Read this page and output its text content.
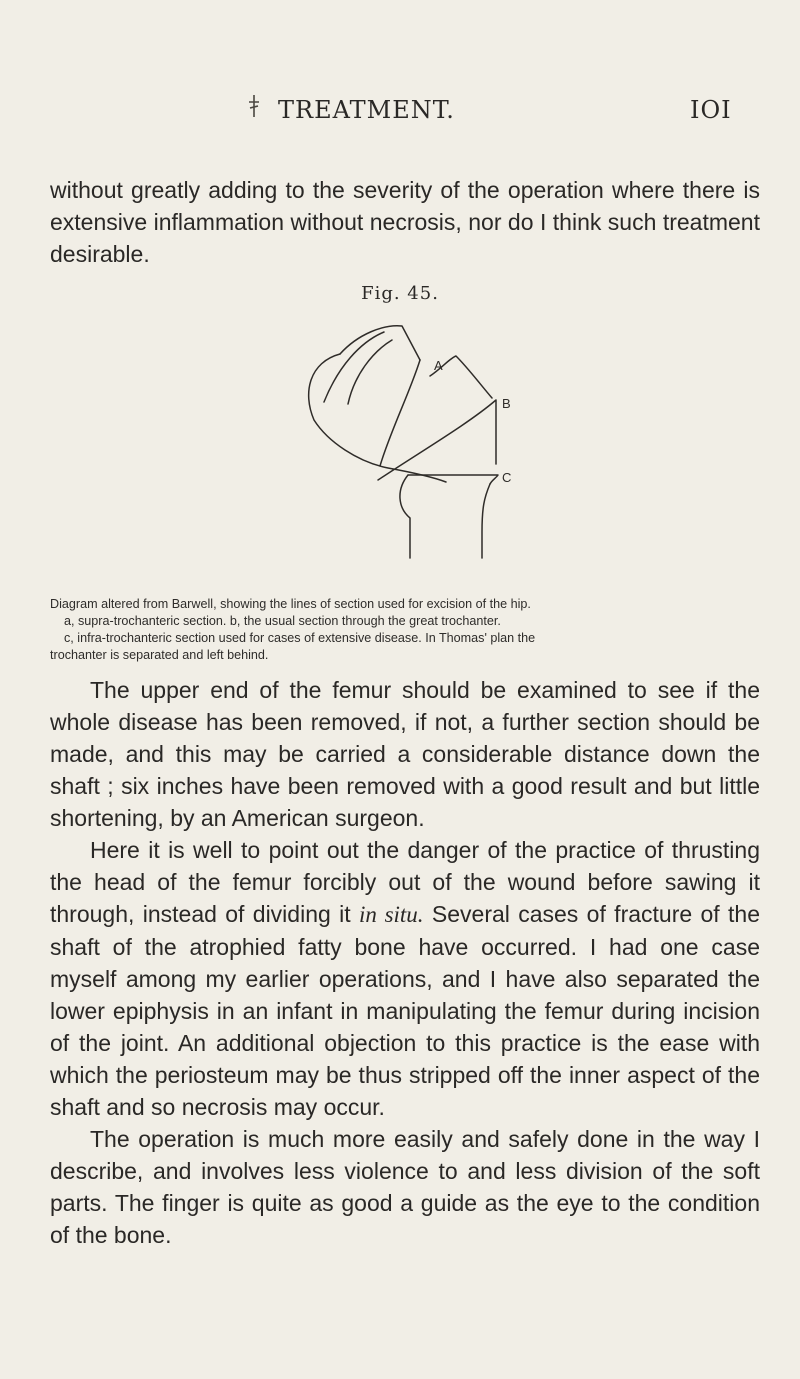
TREATMENT.	IOI

without greatly adding to the severity of the operation where there is extensive inflammation without necrosis, nor do I think such treatment desirable.

Fig. 45.
A
B
C

Diagram altered from Barwell, showing the lines of section used for excision of the hip.

a, supra-trochanteric section. b, the usual section through the great trochanter.

c, infra-trochanteric section used for cases of extensive disease. In Thomas' plan the

trochanter is separated and left behind.

The upper end of the femur should be examined to see if the whole disease has been removed, if not, a further section should be made, and this may be carried a considerable distance down the shaft ; six inches have been removed with a good result and but little shortening, by an American surgeon.

Here it is well to point out the danger of the practice of thrusting the head of the femur forcibly out of the wound before sawing it through, instead of dividing it in situ. Several cases of fracture of the shaft of the atrophied fatty bone have occurred. I had one case myself among my earlier operations, and I have also separated the lower epiphysis in an infant in manipulating the femur during incision of the joint. An additional objection to this practice is the ease with which the periosteum may be thus stripped off the inner aspect of the shaft and so necrosis may occur.

The operation is much more easily and safely done in the way I describe, and involves less violence to and less division of the soft parts. The finger is quite as good a guide as the eye to the condition of the bone.
